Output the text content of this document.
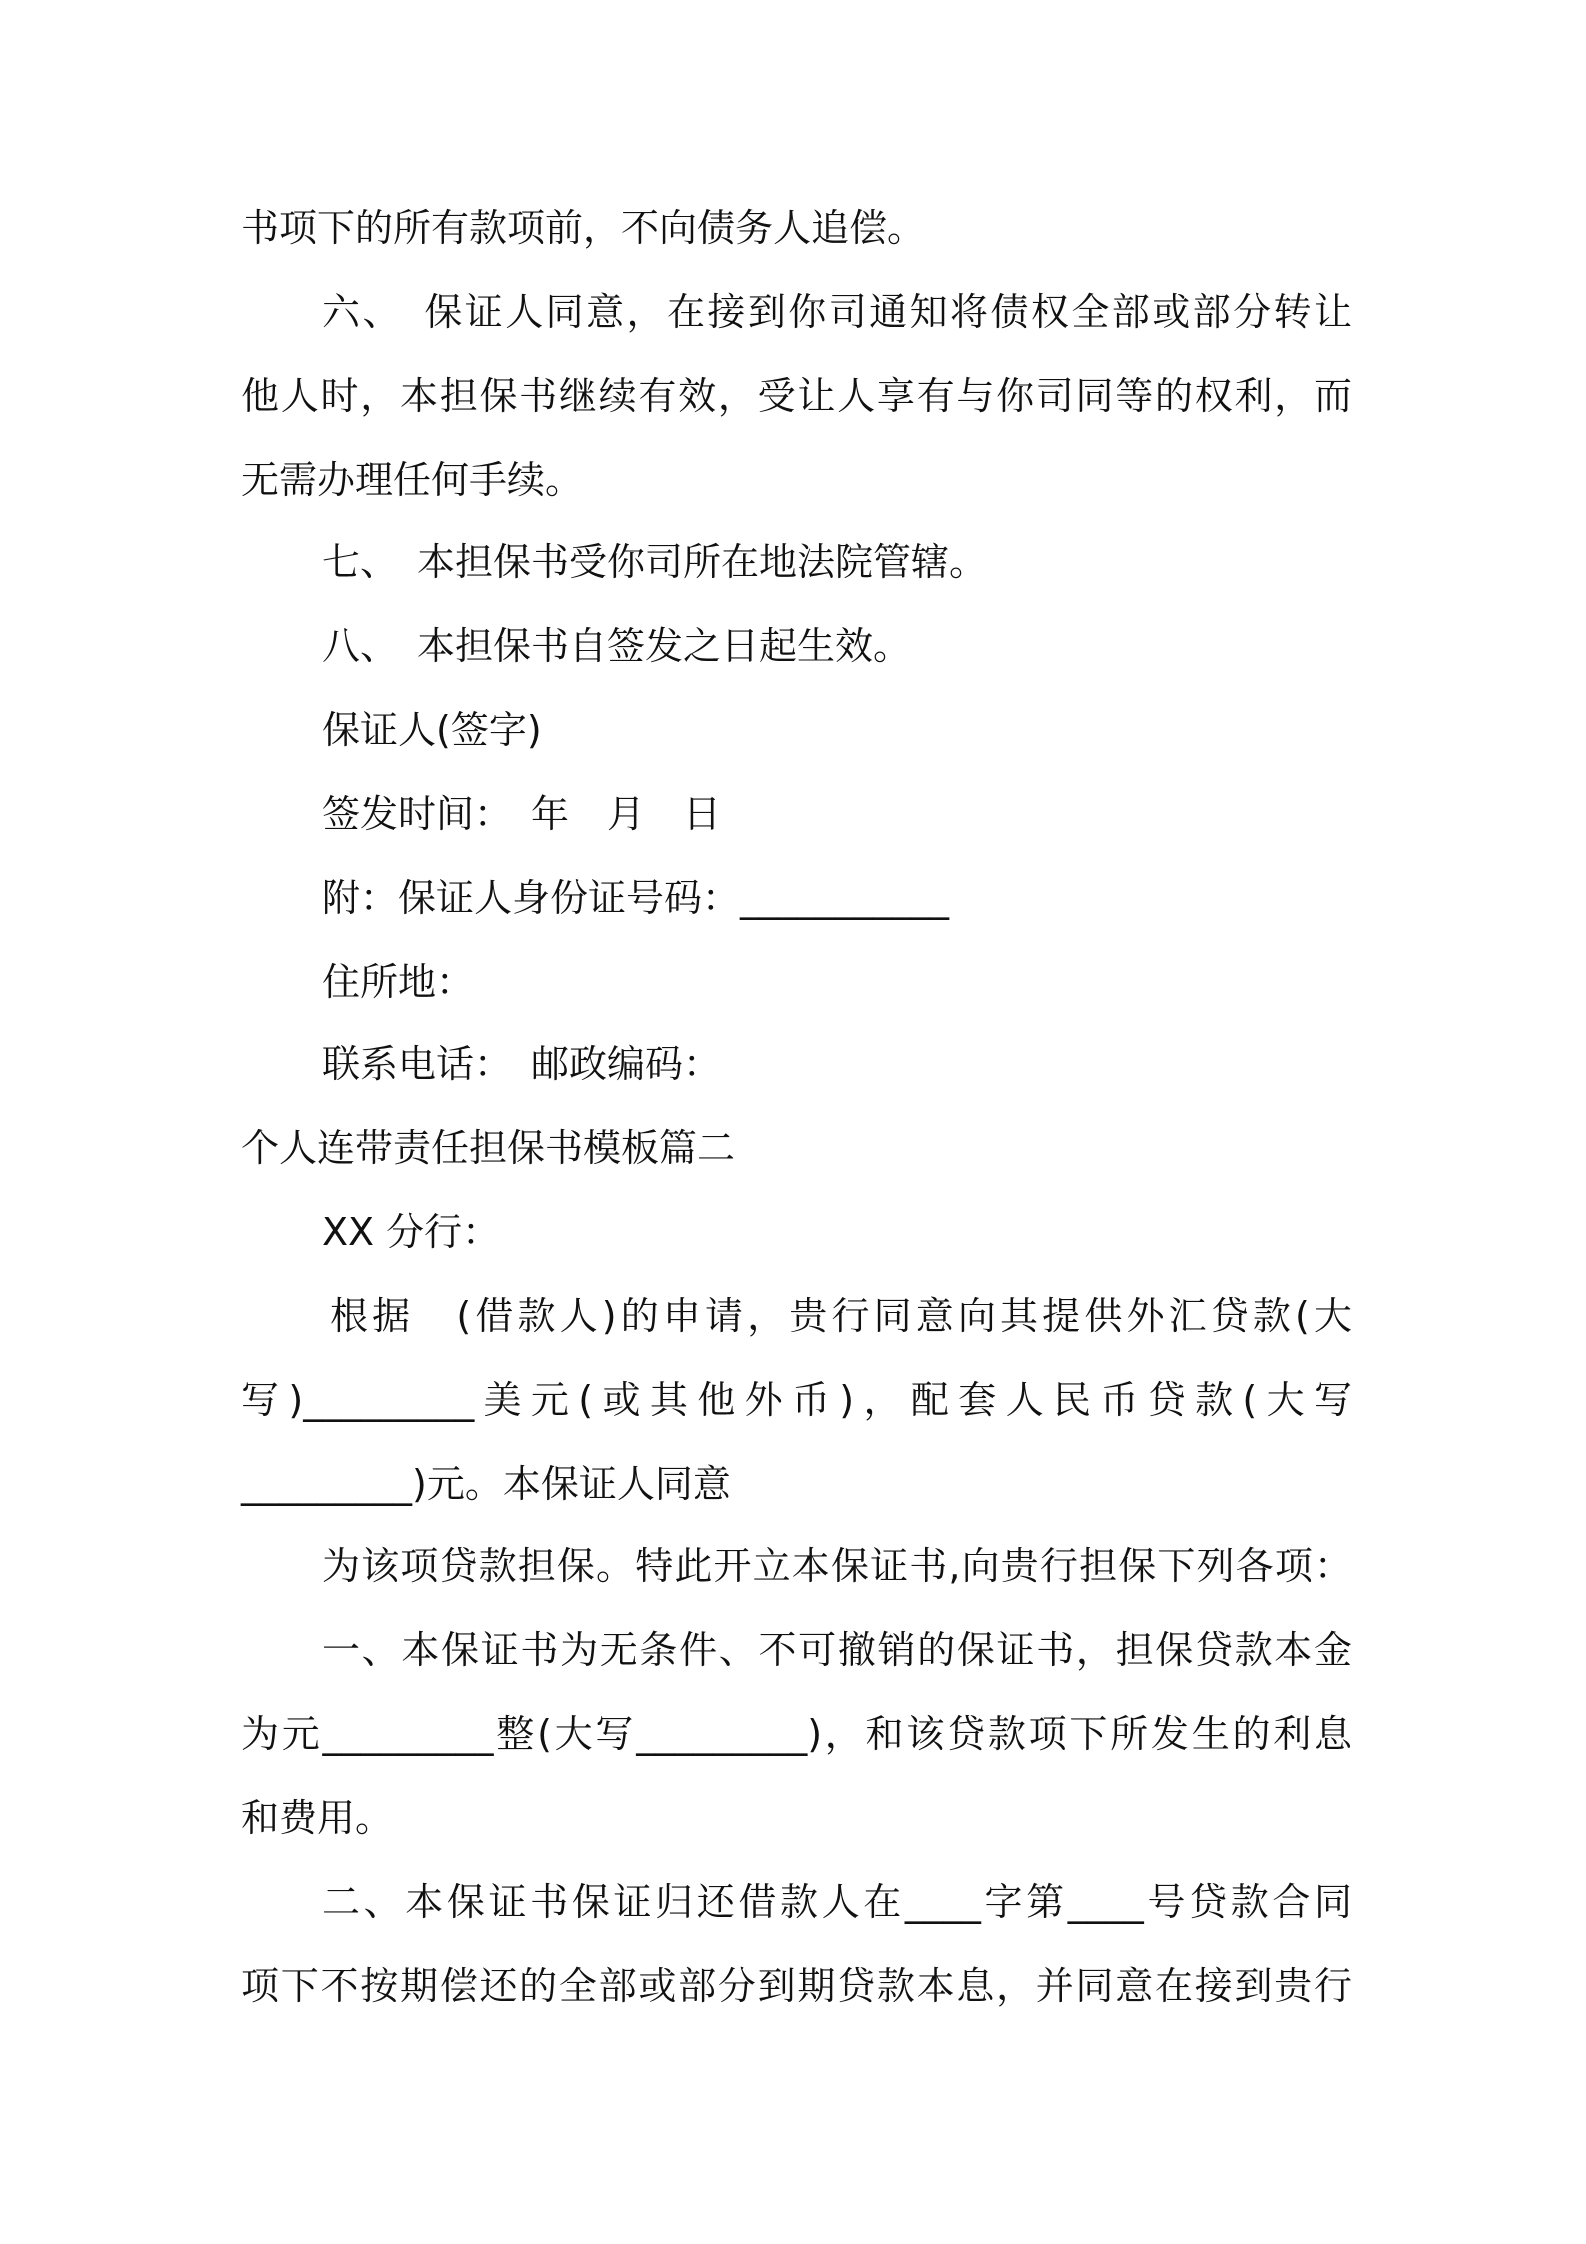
书项下的所有款项前，不向债务人追偿。

六、　保证人同意，在接到你司通知将债权全部或部分转让

他人时，本担保书继续有效，受让人享有与你司同等的权利，而

无需办理任何手续。

七、　本担保书受你司所在地法院管辖。

八、　本担保书自签发之日起生效。

保证人(签字)

签发时间：　年　月　日

附：保证人身份证号码：___________

住所地：

联系电话：　邮政编码：

个人连带责任担保书模板篇二

XX 分行：

根据　(借款人)的申请，贵行同意向其提供外汇贷款(大

写)_________美元(或其他外币)，配套人民币贷款(大写

_________)元。本保证人同意

为该项贷款担保。特此开立本保证书,向贵行担保下列各项：

一、本保证书为无条件、不可撤销的保证书，担保贷款本金

为元_________整(大写_________)，和该贷款项下所发生的利息

和费用。

二、本保证书保证归还借款人在____字第____号贷款合同

项下不按期偿还的全部或部分到期贷款本息，并同意在接到贵行
